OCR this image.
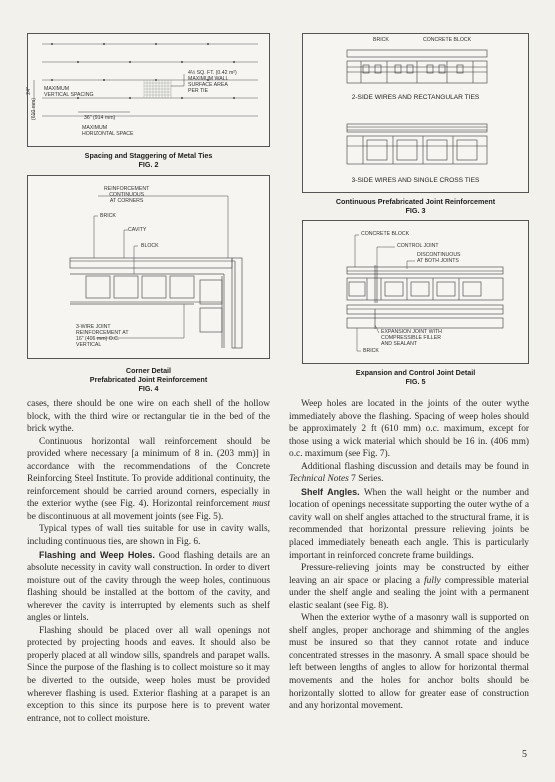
24"
(610 mm)
MAXIMUM
VERTICAL SPACING
4½ SQ. FT. (0.42 m²)
MAXIMUM WALL
SURFACE AREA
PER TIE
36" (914 mm)
MAXIMUM
HORIZONTAL SPACE
Spacing and Staggering of Metal Ties
FIG. 2
BRICK	CONCRETE BLOCK
2-SIDE WIRES AND RECTANGULAR TIES
3-SIDE WIRES AND SINGLE CROSS TIES
Continuous Prefabricated Joint Reinforcement
FIG. 3
REINFORCEMENT
CONTINUOUS
AT CORNERS
BRICK
CAVITY
BLOCK
3-WIRE JOINT
REINFORCEMENT AT
16" (406 mm) O.C.
VERTICAL
Corner Detail
Prefabricated Joint Reinforcement
FIG. 4
CONCRETE BLOCK
CONTROL JOINT
DISCONTINUOUS
AT BOTH JOINTS
EXPANSION JOINT WITH
COMPRESSIBLE FILLER
AND SEALANT
BRICK
Expansion and Control Joint Detail
FIG. 5

cases, there should be one wire on each shell of the hollow block, with the third wire or rectangular tie in the bed of the brick wythe.

Continuous horizontal wall reinforcement should be provided where necessary [a minimum of 8 in. (203 mm)] in accordance with the recommendations of the Concrete Reinforcing Steel Institute. To provide additional continuity, the reinforcement should be carried around corners, especially in the exterior wythe (see Fig. 4). Horizontal reinforcement must be discontinuous at all movement joints (see Fig. 5).

Typical types of wall ties suitable for use in cavity walls, including continuous ties, are shown in Fig. 6.

Flashing and Weep Holes. Good flashing details are an absolute necessity in cavity wall construction. In order to divert moisture out of the cavity through the weep holes, continuous flashing should be installed at the bottom of the cavity, and wherever the cavity is interrupted by elements such as shelf angles or lintels.

Flashing should be placed over all wall openings not protected by projecting hoods and eaves. It should also be properly placed at all window sills, spandrels and parapet walls. Since the purpose of the flashing is to collect moisture so it may be diverted to the outside, weep holes must be provided wherever flashing is used. Exterior flashing at a parapet is an exception to this since its purpose here is to prevent water entrance, not to collect moisture.

Weep holes are located in the joints of the outer wythe immediately above the flashing. Spacing of weep holes should be approximately 2 ft (610 mm) o.c. maximum, except for those using a wick material which should be 16 in. (406 mm) o.c. maximum (see Fig. 7).

Additional flashing discussion and details may be found in Technical Notes 7 Series.

Shelf Angles. When the wall height or the number and location of openings necessitate supporting the outer wythe of a cavity wall on shelf angles attached to the structural frame, it is recommended that horizontal pressure relieving joints be placed immediately beneath each angle. This is particularly important in reinforced concrete frame buildings.

Pressure-relieving joints may be constructed by either leaving an air space or placing a fully compressible material under the shelf angle and sealing the joint with a permanent elastic sealant (see Fig. 8).

When the exterior wythe of a masonry wall is supported on shelf angles, proper anchorage and shimming of the angles must be insured so that they cannot rotate and induce concentrated stresses in the masonry. A small space should be left between lengths of angles to allow for horizontal thermal movements and the holes for anchor bolts should be horizontally slotted to allow for greater ease of construction and any horizontal movement.

5
